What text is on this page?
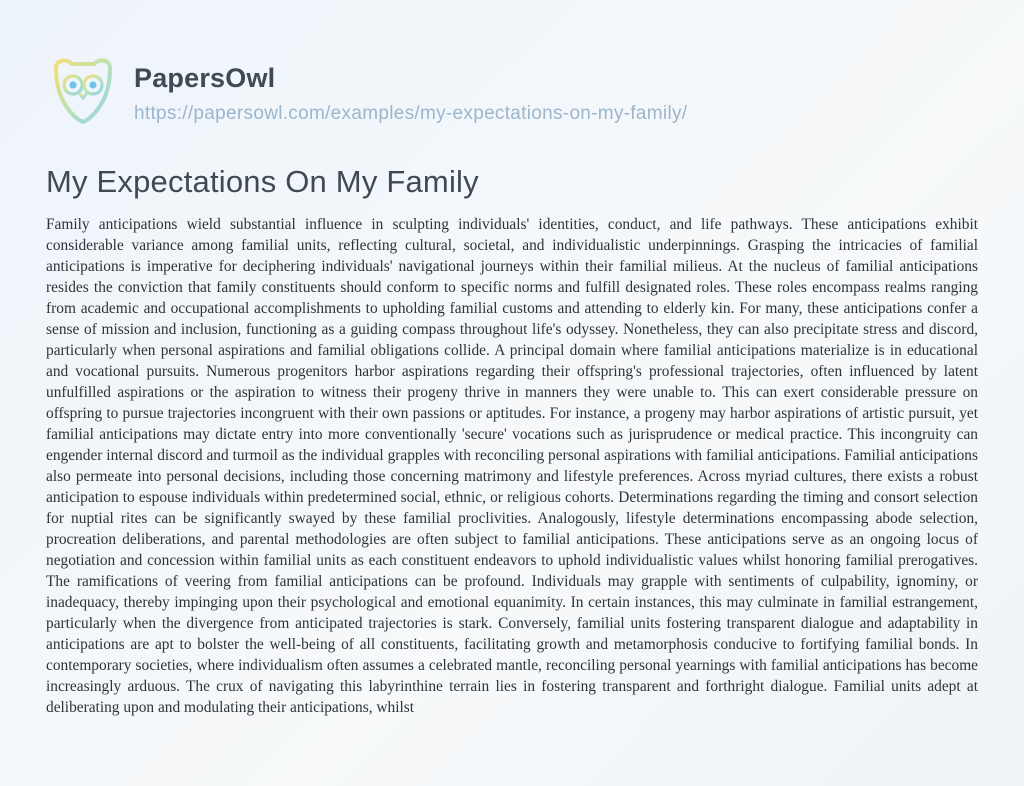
PapersOwl
https://papersowl.com/examples/my-expectations-on-my-family/
My Expectations On My Family
Family anticipations wield substantial influence in sculpting individuals' identities, conduct, and life pathways. These anticipations exhibit considerable variance among familial units, reflecting cultural, societal, and individualistic underpinnings. Grasping the intricacies of familial anticipations is imperative for deciphering individuals' navigational journeys within their familial milieus. At the nucleus of familial anticipations resides the conviction that family constituents should conform to specific norms and fulfill designated roles. These roles encompass realms ranging from academic and occupational accomplishments to upholding familial customs and attending to elderly kin. For many, these anticipations confer a sense of mission and inclusion, functioning as a guiding compass throughout life's odyssey. Nonetheless, they can also precipitate stress and discord, particularly when personal aspirations and familial obligations collide. A principal domain where familial anticipations materialize is in educational and vocational pursuits. Numerous progenitors harbor aspirations regarding their offspring's professional trajectories, often influenced by latent unfulfilled aspirations or the aspiration to witness their progeny thrive in manners they were unable to. This can exert considerable pressure on offspring to pursue trajectories incongruent with their own passions or aptitudes. For instance, a progeny may harbor aspirations of artistic pursuit, yet familial anticipations may dictate entry into more conventionally 'secure' vocations such as jurisprudence or medical practice. This incongruity can engender internal discord and turmoil as the individual grapples with reconciling personal aspirations with familial anticipations. Familial anticipations also permeate into personal decisions, including those concerning matrimony and lifestyle preferences. Across myriad cultures, there exists a robust anticipation to espouse individuals within predetermined social, ethnic, or religious cohorts. Determinations regarding the timing and consort selection for nuptial rites can be significantly swayed by these familial proclivities. Analogously, lifestyle determinations encompassing abode selection, procreation deliberations, and parental methodologies are often subject to familial anticipations. These anticipations serve as an ongoing locus of negotiation and concession within familial units as each constituent endeavors to uphold individualistic values whilst honoring familial prerogatives. The ramifications of veering from familial anticipations can be profound. Individuals may grapple with sentiments of culpability, ignominy, or inadequacy, thereby impinging upon their psychological and emotional equanimity. In certain instances, this may culminate in familial estrangement, particularly when the divergence from anticipated trajectories is stark. Conversely, familial units fostering transparent dialogue and adaptability in anticipations are apt to bolster the well-being of all constituents, facilitating growth and metamorphosis conducive to fortifying familial bonds. In contemporary societies, where individualism often assumes a celebrated mantle, reconciling personal yearnings with familial anticipations has become increasingly arduous. The crux of navigating this labyrinthine terrain lies in fostering transparent and forthright dialogue. Familial units adept at deliberating upon and modulating their anticipations, whilst
